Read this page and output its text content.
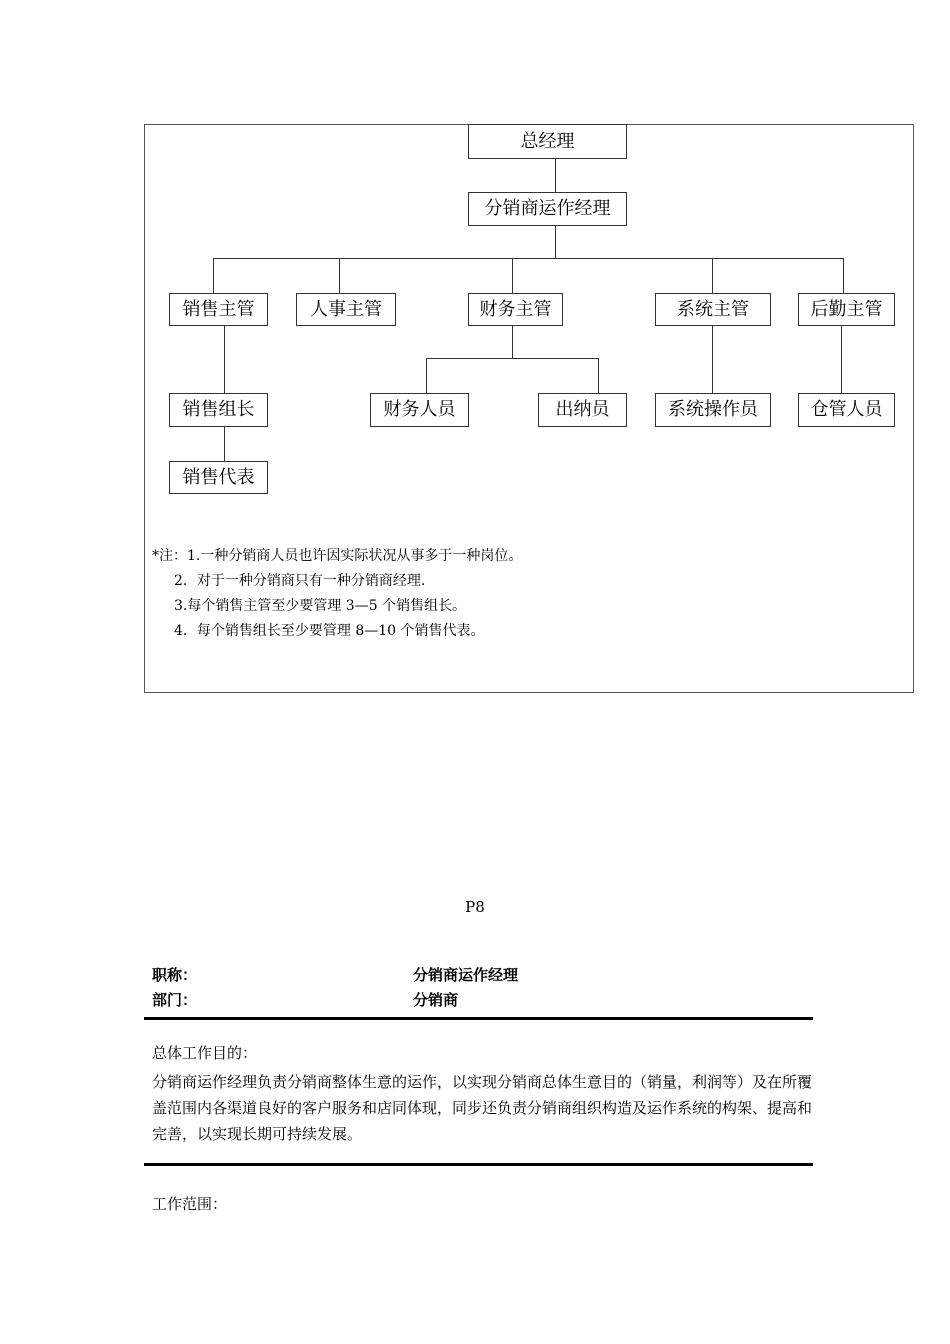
总经理
分销商运作经理
销售主管	人事主管	财务主管	系统主管	后勤主管
销售组长	财务人员	出纳员	系统操作员	仓管人员
销售代表
*注：1.一种分销商人员也许因实际状况从事多于一种岗位。
2．对于一种分销商只有一种分销商经理.
3.每个销售主管至少要管理 3—5 个销售组长。
4．每个销售组长至少要管理 8—10 个销售代表。
P8
职称：	分销商运作经理
部门：	分销商
总体工作目的：
分销商运作经理负责分销商整体生意的运作，以实现分销商总体生意目的（销量，利润等）及在所覆盖范围内各渠道良好的客户服务和店同体现，同步还负责分销商组织构造及运作系统的构架、提高和完善，以实现长期可持续发展。
工作范围：
